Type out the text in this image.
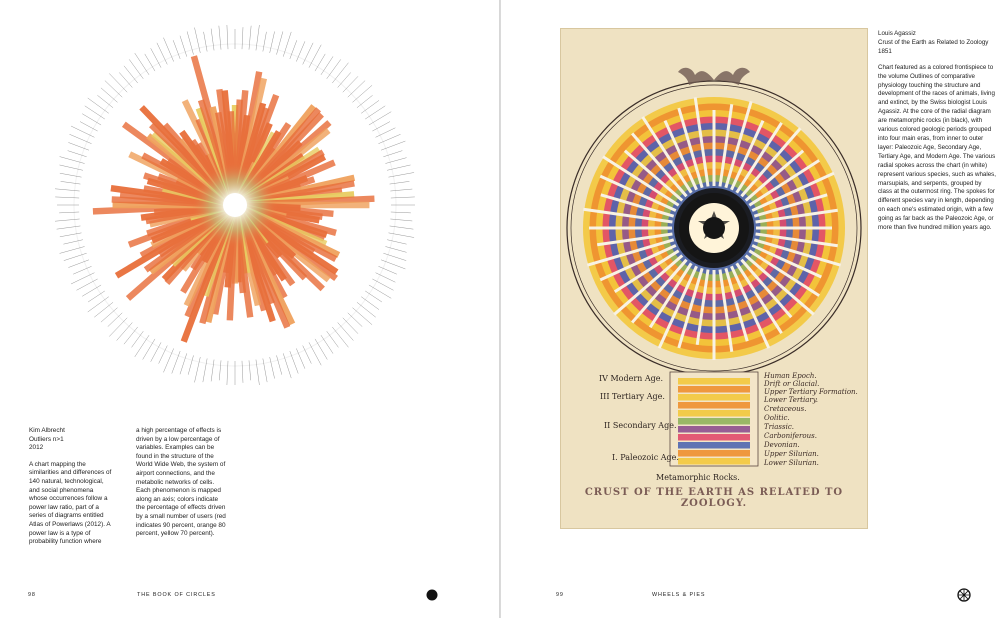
Kim Albrecht
Outliers n>1
2012

A chart mapping the similarities and differences of 140 natural, technological, and social phenomena whose occurrences follow a power law ratio, part of a series of diagrams entitled Atlas of Powerlaws (2012). A power law is a type of probability function where

a high percentage of effects is driven by a low percentage of variables. Examples can be found in the structure of the World Wide Web, the system of airport connections, and the metabolic networks of cells. Each phenomenon is mapped along an axis; colors indicate the percentage of effects driven by a small number of users (red indicates 90 percent, orange 80 percent, yellow 70 percent).

98	THE BOOK OF CIRCLES
IV Modern Age.
III Tertiary Age.
II Secondary Age.
I. Paleozoic Age.
Metamorphic Rocks.
Human Epoch.
Drift or Glacial.
Upper Tertiary Formation.
Lower Tertiary.
Cretaceous.
Oolitic.
Triassic.
Carboniferous.
Devonian.
Upper Silurian.
Lower Silurian.
CRUST OF THE EARTH AS RELATED TO ZOOLOGY.
Louis Agassiz
Crust of the Earth as Related to Zoology
1851

Chart featured as a colored frontispiece to the volume Outlines of comparative physiology touching the structure and development of the races of animals, living and extinct, by the Swiss biologist Louis Agassiz. At the core of the radial diagram are metamorphic rocks (in black), with various colored geologic periods grouped into four main eras, from inner to outer layer: Paleozoic Age, Secondary Age, Tertiary Age, and Modern Age. The various radial spokes across the chart (in white) represent various species, such as whales, marsupials, and serpents, grouped by class at the outermost ring. The spokes for different species vary in length, depending on each one's estimated origin, with a few going as far back as the Paleozoic Age, or more than five hundred million years ago.

99	WHEELS & PIES
